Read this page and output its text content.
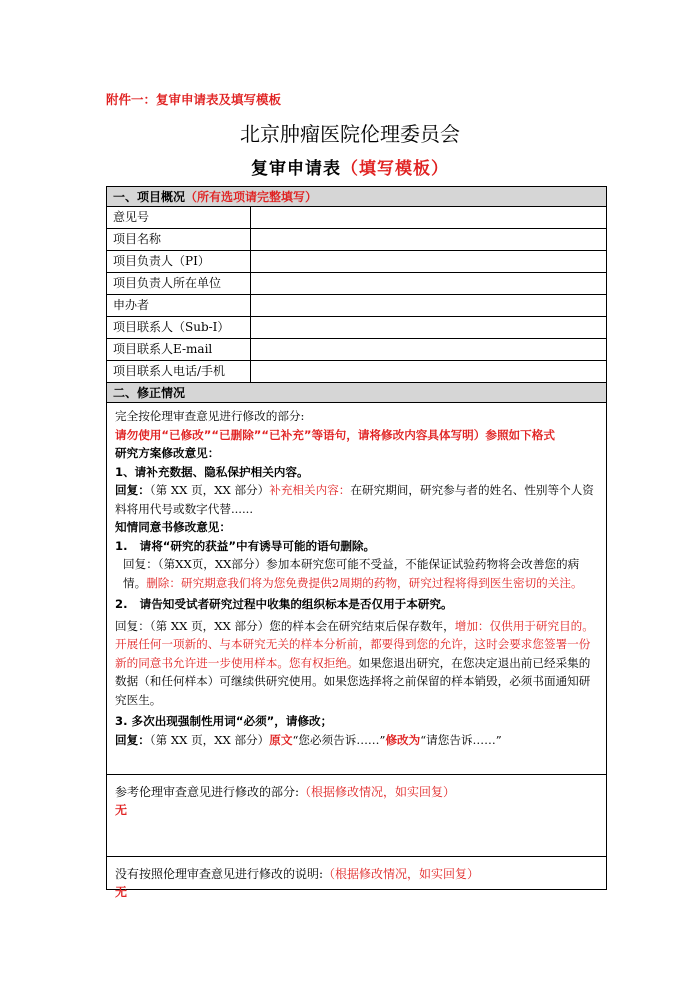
附件一：复审申请表及填写模板
北京肿瘤医院伦理委员会
复审申请表（填写模板）
一、项目概况（所有选项请完整填写）
意见号
项目名称
项目负责人（PI）
项目负责人所在单位
申办者
项目联系人（Sub-I）
项目联系人E-mail
项目联系人电话/手机
二、修正情况

完全按伦理审查意见进行修改的部分:

请勿使用“已修改”“已删除”“已补充”等语句，请将修改内容具体写明）参照如下格式

研究方案修改意见：

1、请补充数据、隐私保护相关内容。

回复：（第 XX 页，XX 部分）补充相关内容：在研究期间，研究参与者的姓名、性别等个人资料将用代号或数字代替......

知情同意书修改意见：

1. 请将“研究的获益”中有诱导可能的语句删除。

回复：（第XX页，XX部分）参加本研究您可能不受益，不能保证试验药物将会改善您的病情。删除：研究期意我们将为您免费提供2周期的药物，研究过程将得到医生密切的关注。

2. 请告知受试者研究过程中收集的组织标本是否仅用于本研究。

回复：（第 XX 页，XX 部分）您的样本会在研究结束后保存数年，增加：仅供用于研究目的。开展任何一项新的、与本研究无关的样本分析前，都要得到您的允许，这时会要求您签署一份新的同意书允许进一步使用样本。您有权拒绝。如果您退出研究，在您决定退出前已经采集的数据（和任何样本）可继续供研究使用。如果您选择将之前保留的样本销毁，必须书面通知研究医生。

3. 多次出现强制性用词“必须”，请修改；

回复：（第 XX 页，XX 部分）原文“您必须告诉……”修改为“请您告诉……”

参考伦理审查意见进行修改的部分:（根据修改情况，如实回复）
无
没有按照伦理审查意见进行修改的说明:（根据修改情况，如实回复）
无
